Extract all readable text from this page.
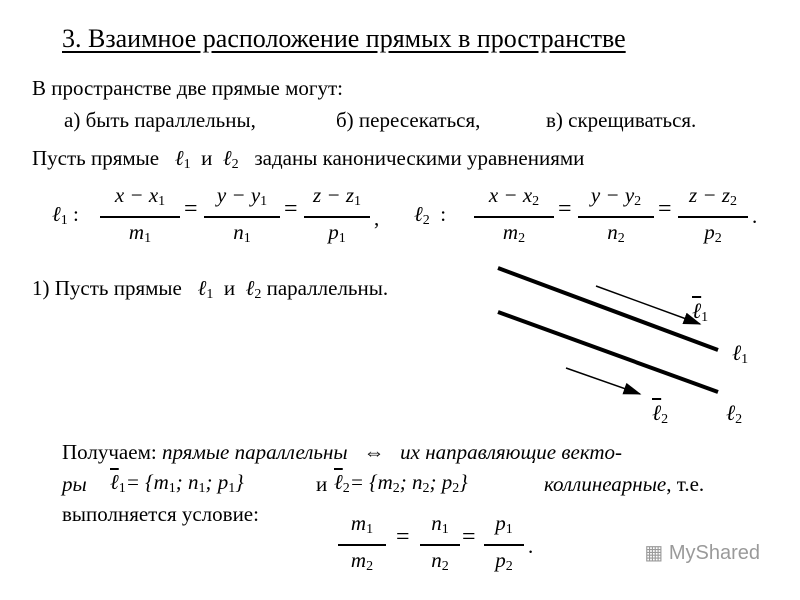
3. Взаимное расположение прямых в пространстве
В пространстве две прямые могут:
а) быть параллельны,	б) пересекаться,	в) скрещиваться.
Пусть прямые ℓ$_1$ и ℓ$_2$ заданы каноническими уравнениями
ℓ$_1$ :
$x - x_1$
$m_1$
=
$y - y_1$
$n_1$
=
$z - z_1$
$p_1$
, ℓ$_2$ :
$x - x_2$
$m_2$
=
$y - y_2$
$n_2$
=
$z - z_2$
$p_2$
.
1) Пусть прямые ℓ$_1$ и ℓ$_2$ параллельны.
ℓ$_1$
ℓ$_1$
ℓ$_2$	ℓ$_2$
Получаем: прямые параллельны ⇔ их направляющие векто-
ры ℓ$_1$= {$m_1$; $n_1$; $p_1$}	и ℓ$_2$= {$m_2$; $n_2$; $p_2$}	коллинеарные, т.е.
выполняется условие:	$m_1$
$m_2$
=
$n_1$
$n_2$
=
$p_1$
$p_2$
.	▦ MyShared
